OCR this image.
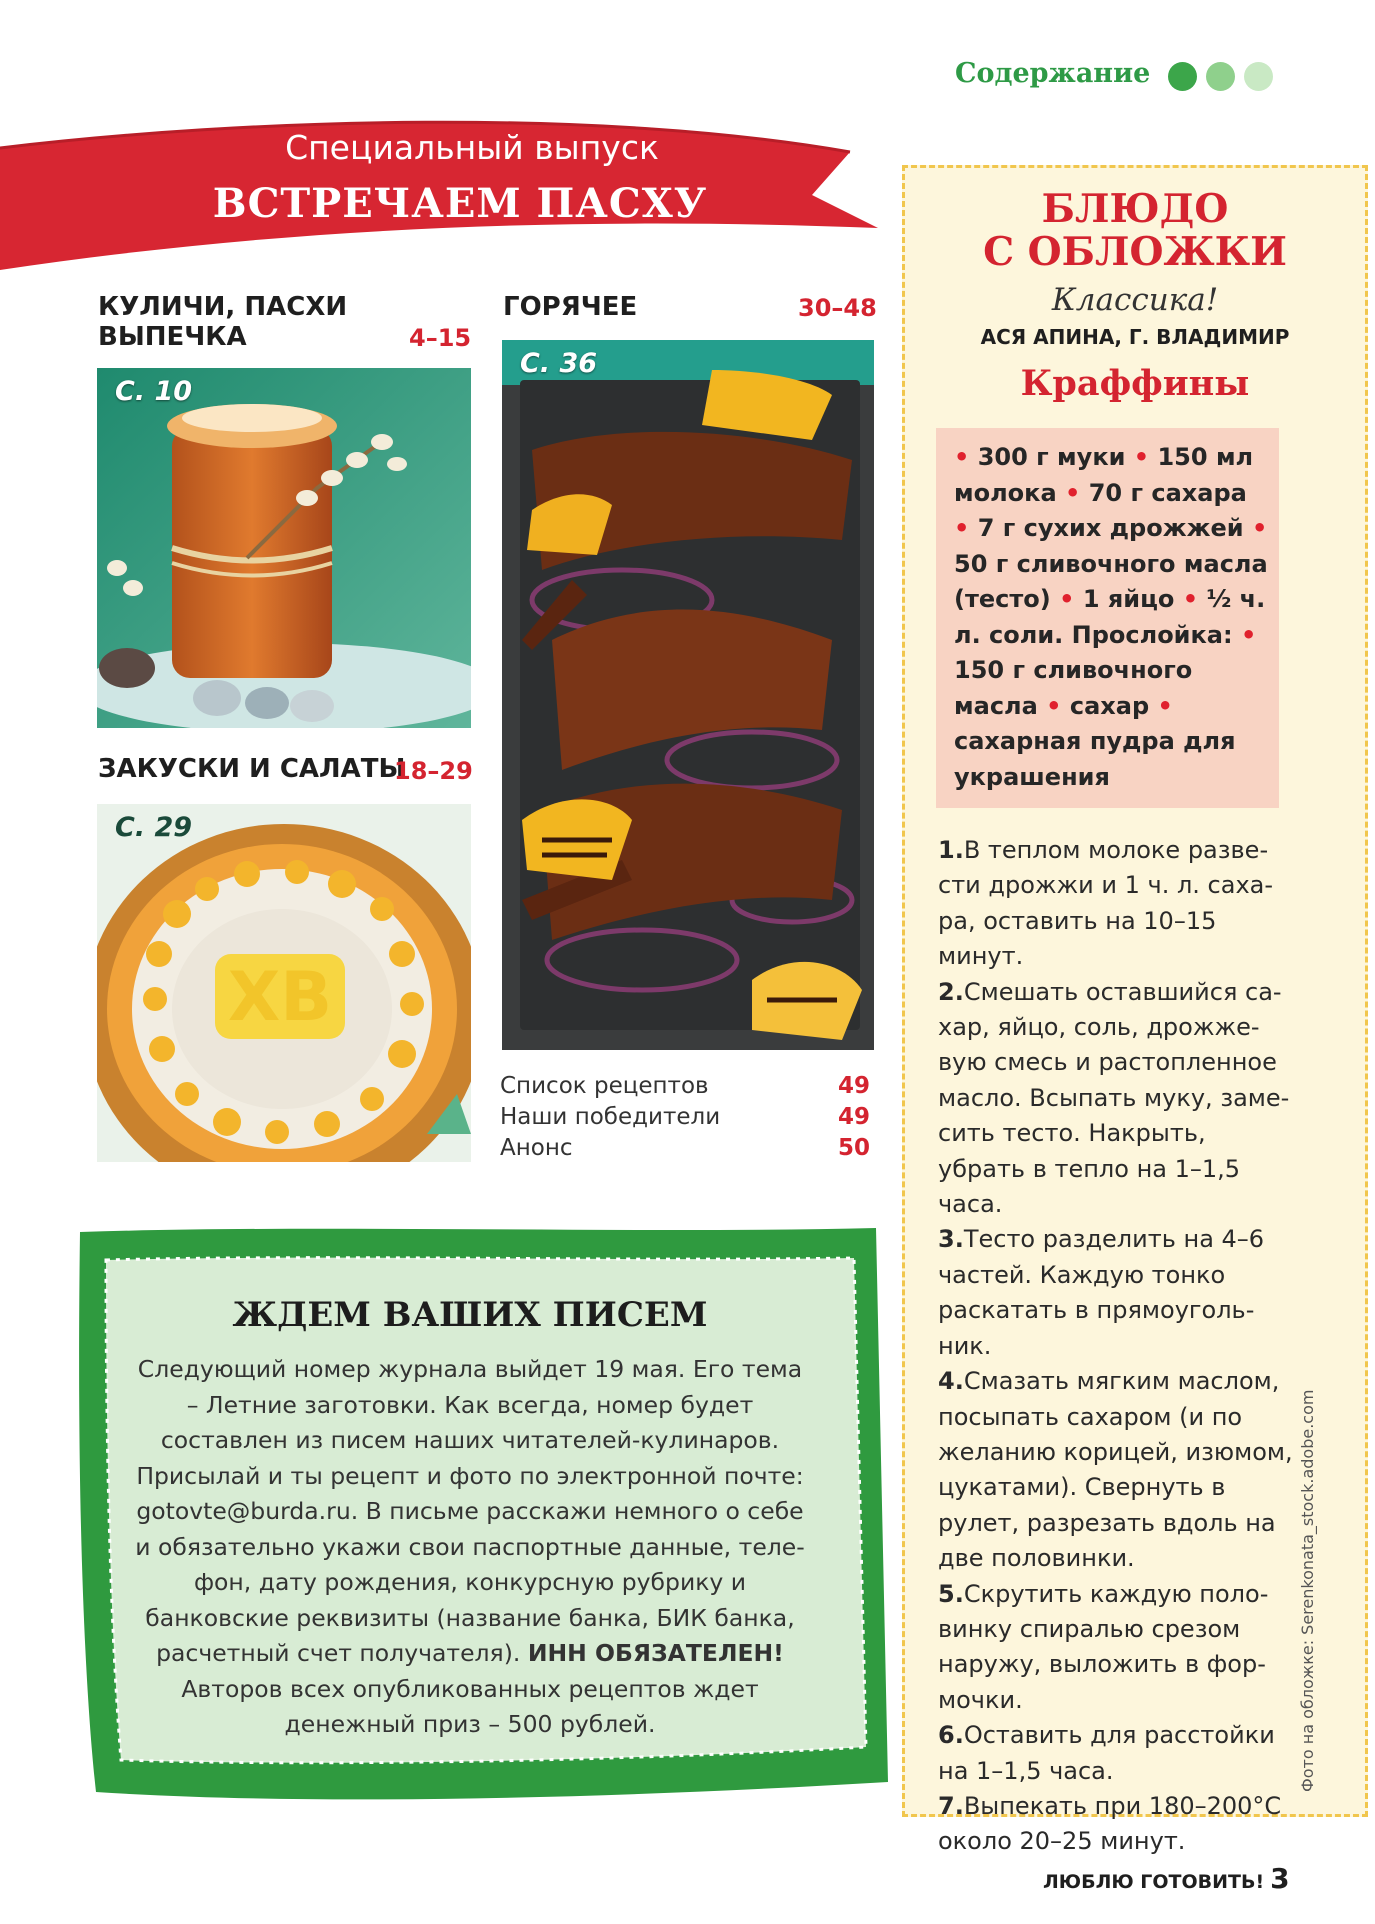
Содержание
Специальный выпуск
ВСТРЕЧАЕМ ПАСХУ
КУЛИЧИ, ПАСХИ
ВЫПЕЧКА	4–15
С. 10
ЗАКУСКИ И САЛАТЫ
18–29
ХВ
С. 29
ГОРЯЧЕЕ	30–48
С. 36
Список рецептов	49
Наши победители	49
Анонс	50
ЖДЕМ ВАШИХ ПИСЕМ
Следующий номер журнала выйдет 19 мая. Его тема – Летние заготовки. Как всегда, номер будет составлен из писем наших читателей-кулинаров. Присылай и ты рецепт и фото по электронной почте: gotovte@burda.ru. В письме расскажи немного о себе и обязательно укажи свои паспортные данные, телефон, дату рождения, конкурсную рубрику и банковские реквизиты (название банка, БИК банка, расчетный счет получателя). ИНН ОБЯЗАТЕЛЕН! Авторов всех опубликованных рецептов ждет денежный приз – 500 рублей.
БЛЮДО
С ОБЛОЖКИ
Классика!
АСЯ АПИНА, Г. ВЛАДИМИР
Краффины
• 300 г муки • 150 мл молока • 70 г сахара • 7 г сухих дрожжей • 50 г сливочного масла (тесто) • 1 яйцо • ½ ч. л. соли. Прослойка: • 150 г сливочного масла • сахар • сахарная пудра для украшения

1.В теплом молоке развести дрожжи и 1 ч. л. сахара, оставить на 10–15 минут.

2.Смешать оставшийся сахар, яйцо, соль, дрожжевую смесь и растопленное масло. Всыпать муку, замесить тесто. Накрыть, убрать в тепло на 1–1,5 часа.

3.Тесто разделить на 4–6 частей. Каждую тонко раскатать в прямоугольник.

4.Смазать мягким маслом, посыпать сахаром (и по желанию корицей, изюмом, цукатами). Свернуть в рулет, разрезать вдоль на две половинки.

5.Скрутить каждую половинку спиралью срезом наружу, выложить в формочки.

6.Оставить для расстойки на 1–1,5 часа.

7.Выпекать при 180–200°С около 20–25 минут.

Фото на обложке: Serenkonata_stock.adobe.com
ЛЮБЛЮ ГОТОВИТЬ! 3
